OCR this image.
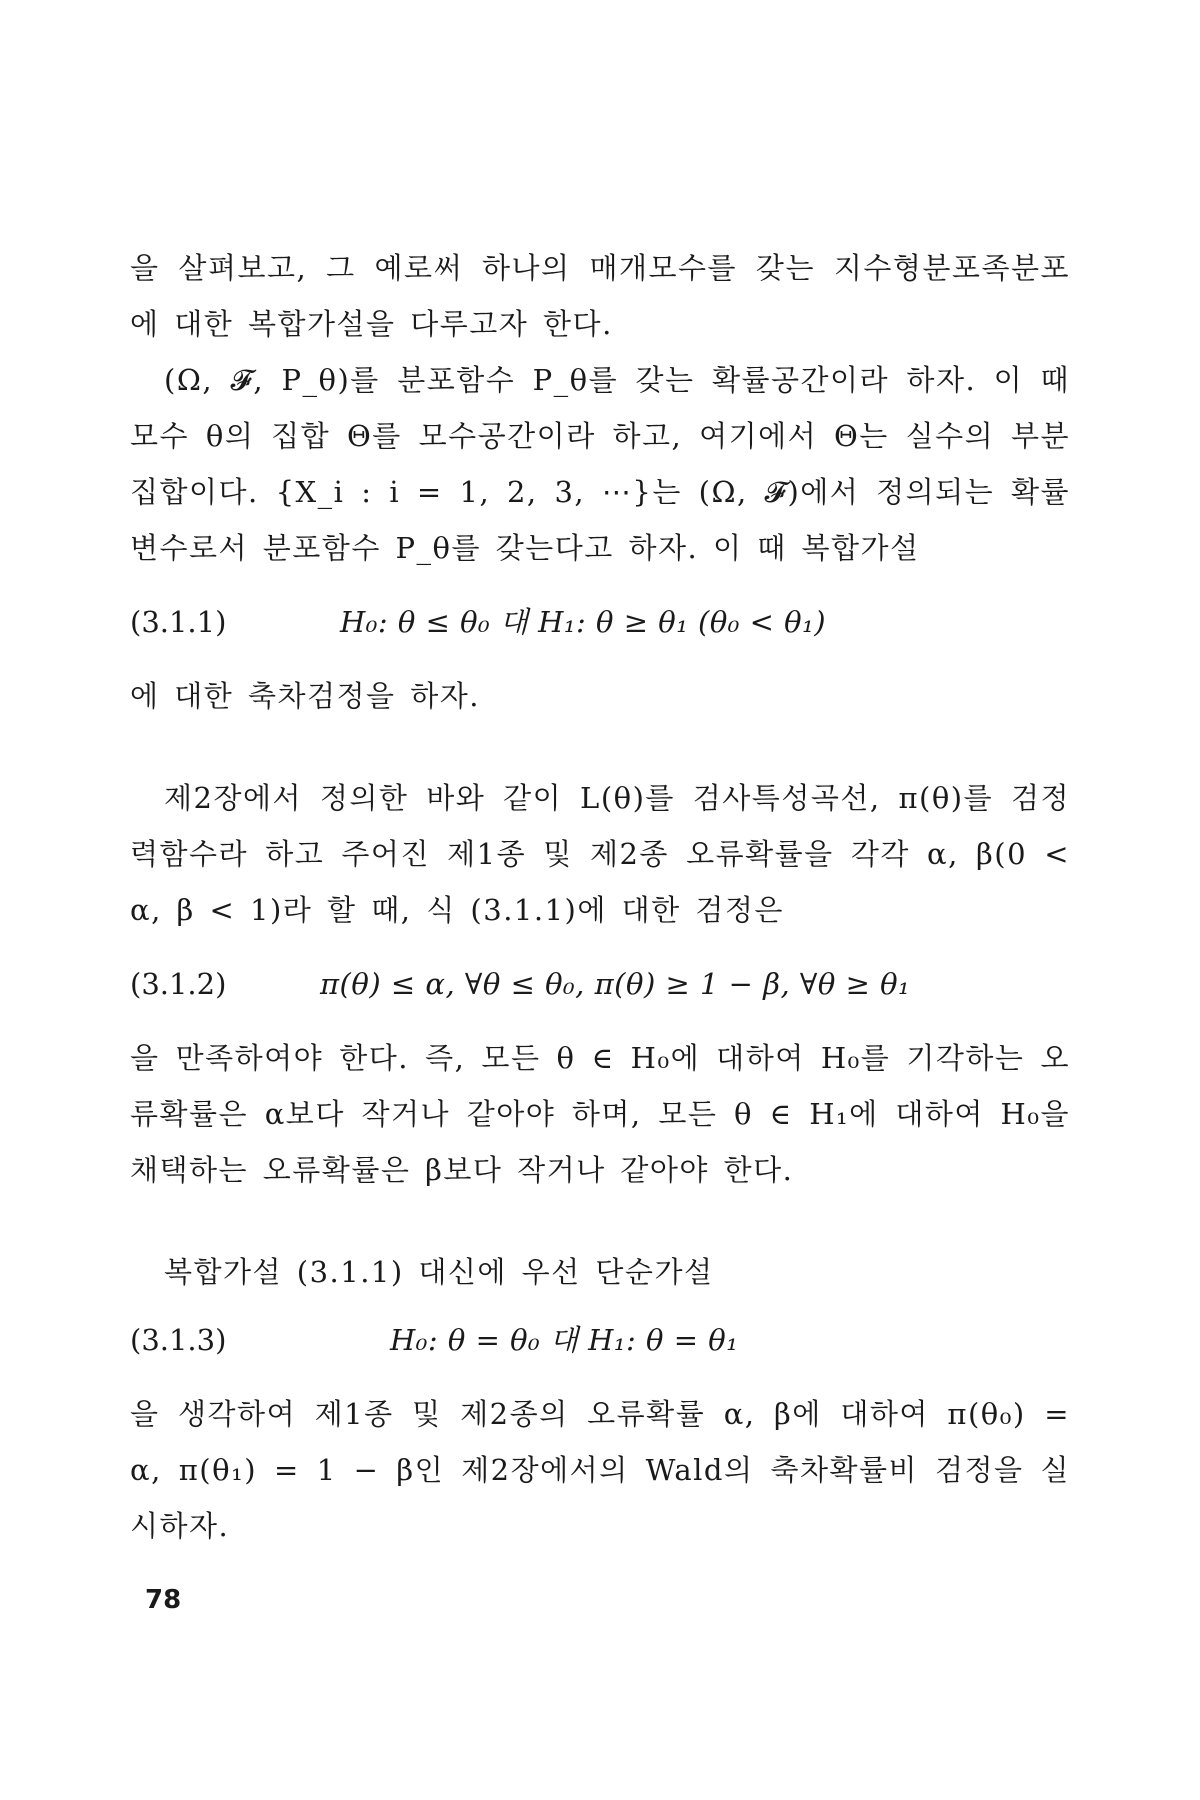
을 살펴보고, 그 예로써 하나의 매개모수를 갖는 지수형분포족분포에 대한 복합가설을 다루고자 한다.

(Ω, 𝓕, P_θ)를 분포함수 P_θ를 갖는 확률공간이라 하자. 이 때 모수 θ의 집합 Θ를 모수공간이라 하고, 여기에서 Θ는 실수의 부분집합이다. {X_i : i = 1, 2, 3, ⋯}는 (Ω, 𝓕)에서 정의되는 확률변수로서 분포함수 P_θ를 갖는다고 하자. 이 때 복합가설

(3.1.1)	H₀: θ ≤ θ₀ 대 H₁: θ ≥ θ₁ (θ₀ < θ₁)

에 대한 축차검정을 하자.

제2장에서 정의한 바와 같이 L(θ)를 검사특성곡선, π(θ)를 검정력함수라 하고 주어진 제1종 및 제2종 오류확률을 각각 α, β(0 < α, β < 1)라 할 때, 식 (3.1.1)에 대한 검정은

(3.1.2)	π(θ) ≤ α, ∀θ ≤ θ₀, π(θ) ≥ 1 − β, ∀θ ≥ θ₁

을 만족하여야 한다. 즉, 모든 θ ∈ H₀에 대하여 H₀를 기각하는 오류확률은 α보다 작거나 같아야 하며, 모든 θ ∈ H₁에 대하여 H₀을 채택하는 오류확률은 β보다 작거나 같아야 한다.

복합가설 (3.1.1) 대신에 우선 단순가설

(3.1.3)	H₀: θ = θ₀ 대 H₁: θ = θ₁

을 생각하여 제1종 및 제2종의 오류확률 α, β에 대하여 π(θ₀) = α, π(θ₁) = 1 − β인 제2장에서의 Wald의 축차확률비 검정을 실시하자.

78
